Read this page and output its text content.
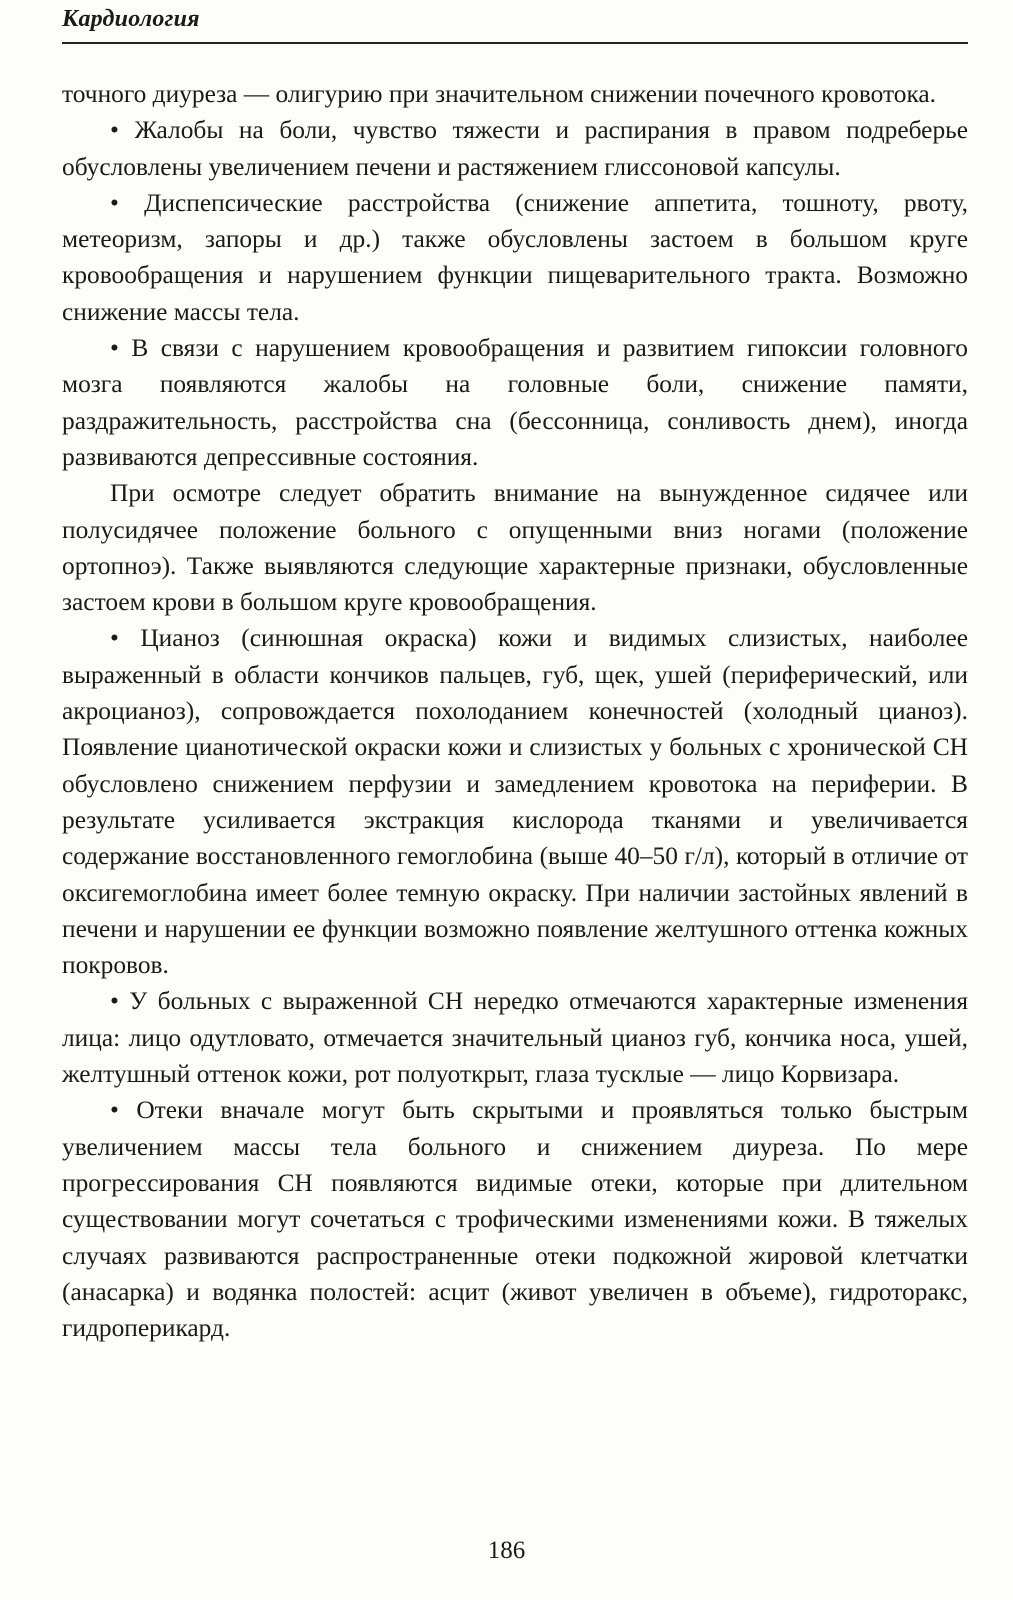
Кардиология

точного диуреза — олигурию при значительном снижении почечного кровотока.

• Жалобы на боли, чувство тяжести и распирания в правом подреберье обусловлены увеличением печени и растяжением глиссоновой капсулы.

• Диспепсические расстройства (снижение аппетита, тошноту, рвоту, метеоризм, запоры и др.) также обусловлены застоем в большом круге кровообращения и нарушением функции пищеварительного тракта. Возможно снижение массы тела.

• В связи с нарушением кровообращения и развитием гипоксии головного мозга появляются жалобы на головные боли, снижение памяти, раздражительность, расстройства сна (бессонница, сонливость днем), иногда развиваются депрессивные состояния.

При осмотре следует обратить внимание на вынужденное сидячее или полусидячее положение больного с опущенными вниз ногами (положение ортопноэ). Также выявляются следующие характерные признаки, обусловленные застоем крови в большом круге кровообращения.

• Цианоз (синюшная окраска) кожи и видимых слизистых, наиболее выраженный в области кончиков пальцев, губ, щек, ушей (периферический, или акроцианоз), сопровождается похолоданием конечностей (холодный цианоз). Появление цианотической окраски кожи и слизистых у больных с хронической СН обусловлено снижением перфузии и замедлением кровотока на периферии. В результате усиливается экстракция кислорода тканями и увеличивается содержание восстановленного гемоглобина (выше 40–50 г/л), который в отличие от оксигемоглобина имеет более темную окраску. При наличии застойных явлений в печени и нарушении ее функции возможно появление желтушного оттенка кожных покровов.

• У больных с выраженной СН нередко отмечаются характерные изменения лица: лицо одутловато, отмечается значительный цианоз губ, кончика носа, ушей, желтушный оттенок кожи, рот полуоткрыт, глаза тусклые — лицо Корвизара.

• Отеки вначале могут быть скрытыми и проявляться только быстрым увеличением массы тела больного и снижением диуреза. По мере прогрессирования СН появляются видимые отеки, которые при длительном существовании могут сочетаться с трофическими изменениями кожи. В тяжелых случаях развиваются распространенные отеки подкожной жировой клетчатки (анасарка) и водянка полостей: асцит (живот увеличен в объеме), гидроторакс, гидроперикард.

186
